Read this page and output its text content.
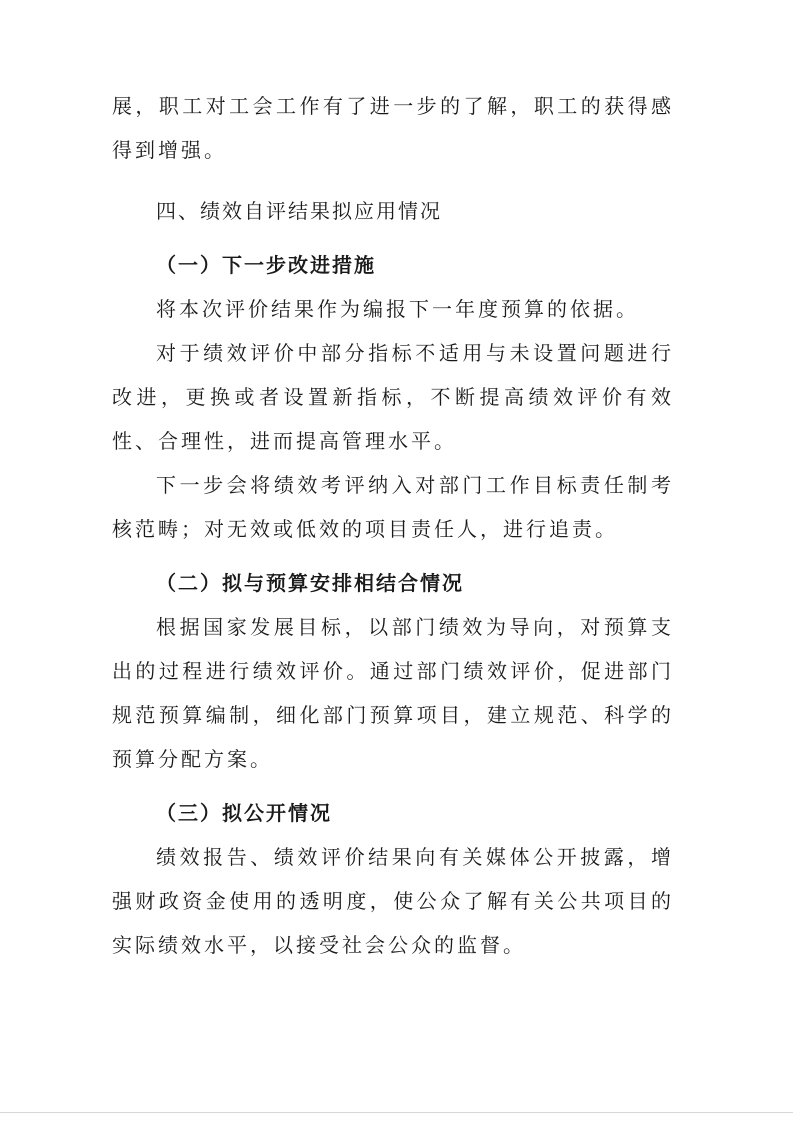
展，职工对工会工作有了进一步的了解，职工的获得感得到增强。

四、绩效自评结果拟应用情况

（一）下一步改进措施

将本次评价结果作为编报下一年度预算的依据。

对于绩效评价中部分指标不适用与未设置问题进行改进，更换或者设置新指标，不断提高绩效评价有效性、合理性，进而提高管理水平。

下一步会将绩效考评纳入对部门工作目标责任制考核范畴；对无效或低效的项目责任人，进行追责。

（二）拟与预算安排相结合情况

根据国家发展目标，以部门绩效为导向，对预算支出的过程进行绩效评价。通过部门绩效评价，促进部门规范预算编制，细化部门预算项目，建立规范、科学的预算分配方案。

（三）拟公开情况

绩效报告、绩效评价结果向有关媒体公开披露，增强财政资金使用的透明度，使公众了解有关公共项目的实际绩效水平，以接受社会公众的监督。
